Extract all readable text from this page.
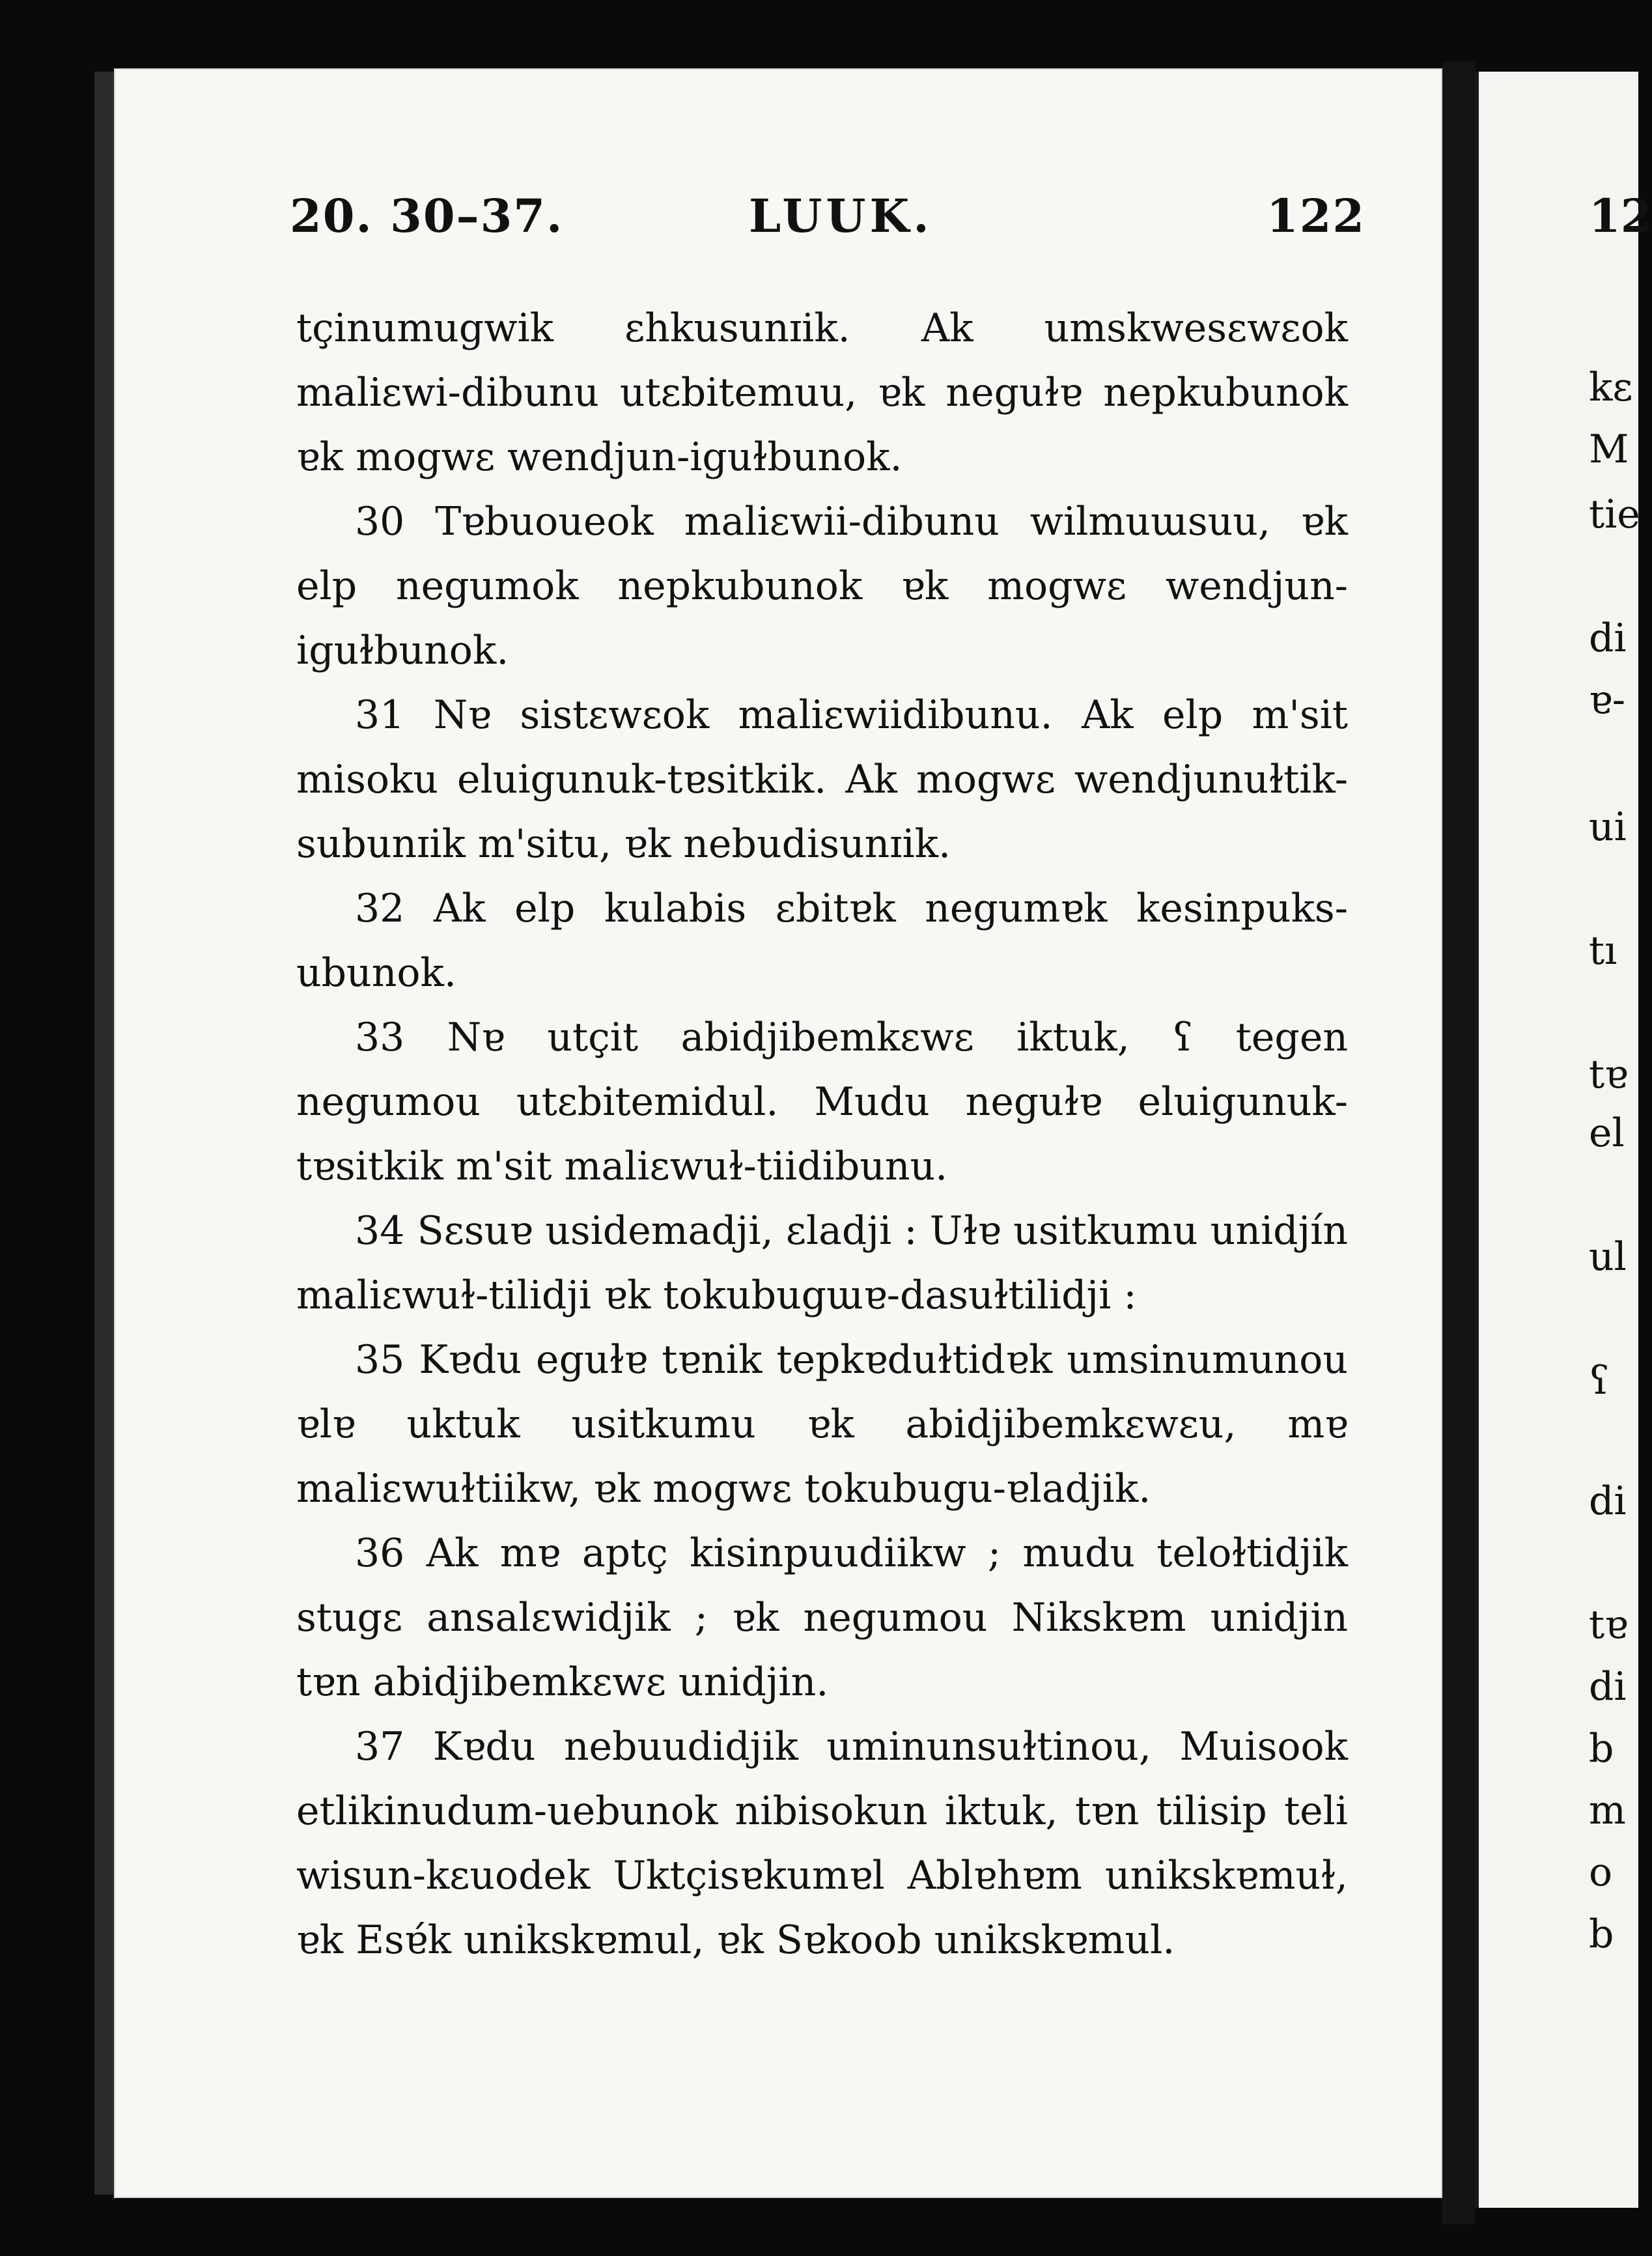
20. 30–37.	LUUK.	122

tçinumugwik ɛhkusunɪik. Ak umskwesɛwɛok maliɛwi-dibunu utɛbitemuu, ɐk neguɫɐ nepkubunok ɐk mogwɛ wendjun-iguɫbunok.

30 Tɐbuoueok maliɛwii-dibunu wilmuɯsuu, ɐk elp negumok nepkubunok ɐk mogwɛ wendjuniguɫbunok.

31 Nɐ sistɛwɛok maliɛwiidibunu. Ak elp m'sit misoku eluigunuk-tɐsitkik. Ak mogwɛ wendjunuɫtik-subunɪik m'situ, ɐk nebudisunɪik.

32 Ak elp kulabis ɛbitɐk negumɐk kesinpuksubunok.

33 Nɐ utçit abidjibemkɛwɛ iktuk, ʕ tegen negumou utɛbitemidul. Mudu neguɫɐ eluigunuk-tɐsitkik m'sit maliɛwuɫ-tiidibunu.

34 Sɛsuɐ usidemadji, ɛladji : Uɫɐ usitkumu unidjín maliɛwuɫ-tilidji ɐk tokubugɯɐ-dasuɫtilidji :

35 Kɐdu eguɫɐ tɐnik tepkɐduɫtidɐk umsinumunou ɐlɐ uktuk usitkumu ɐk abidjibemkɛwɛu, mɐ maliɛwuɫtiikw, ɐk mogwɛ tokubugu-ɐladjik.

36 Ak mɐ aptç kisinpuudiikw ; mudu teloɫtidjik stugɛ ansalɛwidjik ; ɐk negumou Nikskɐm unidjin tɐn abidjibemkɛwɛ unidjin.

37 Kɐdu nebuudidjik uminunsuɫtinou, Muisook etlikinudum-uebunok nibisokun iktuk, tɐn tilisip teli wisun-kɛuodek Uktçisɐkumɐl Ablɐhɐm unikskɐmuɫ, ɐk Esɐ́k unikskɐmul, ɐk Sɐkoob unikskɐmul.

12
kɛ
M
tie
di
ɐ-
ui
tı
tɐ
el
ul
ʕ
di
tɐ
di
b
m
o
b
